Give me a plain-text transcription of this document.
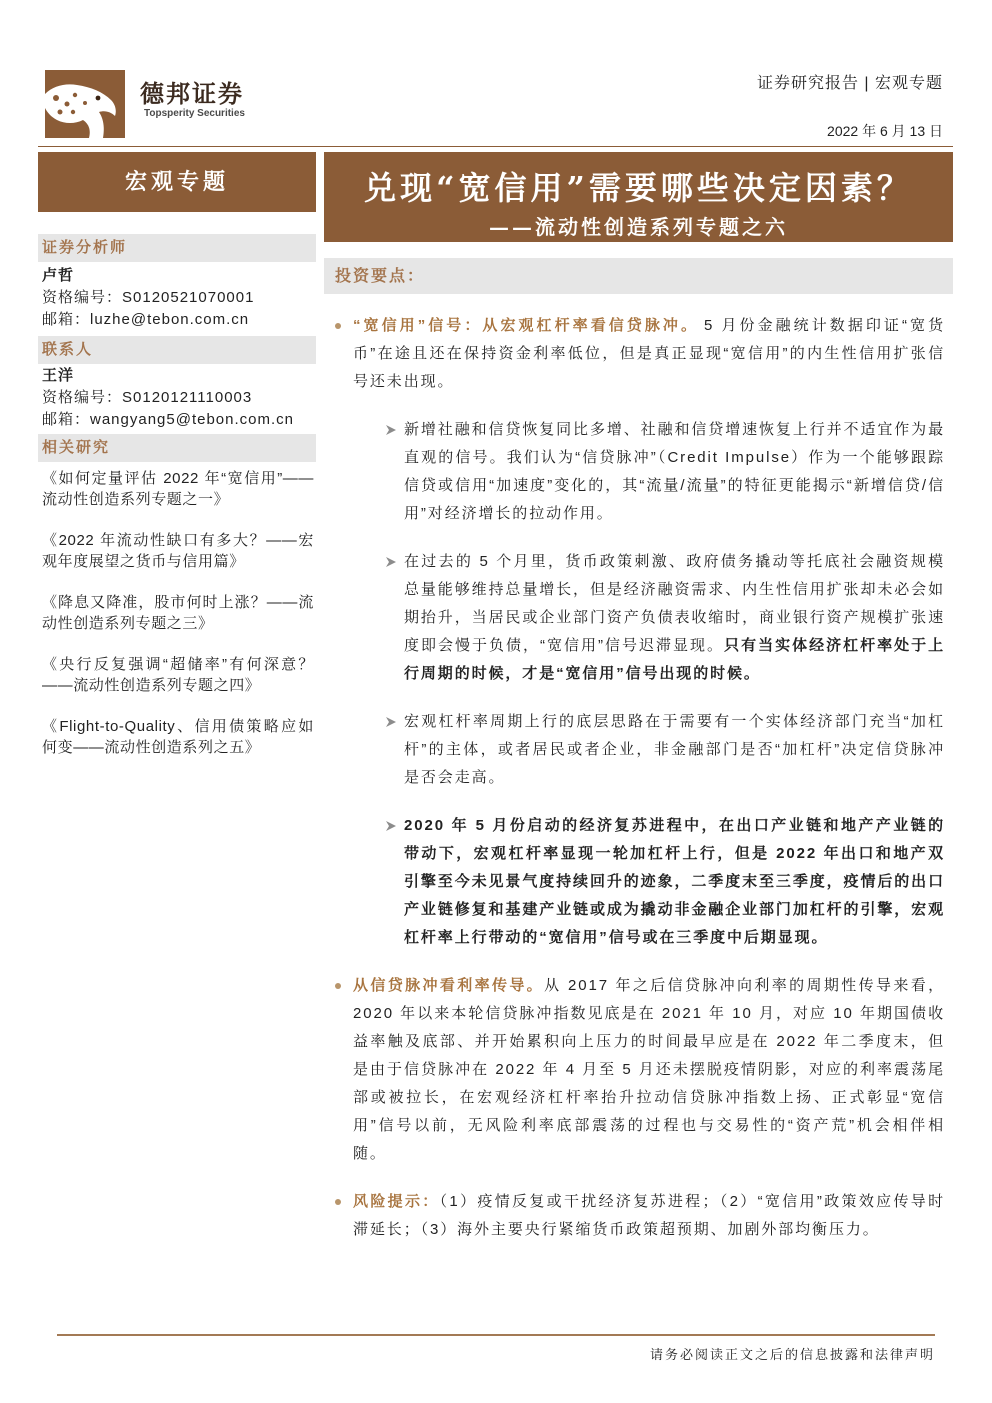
德邦证券
Topsperity Securities
证券研究报告 | 宏观专题
2022 年 6 月 13 日
宏观专题
证券分析师
卢哲
资格编号：S0120521070001
邮箱：luzhe@tebon.com.cn
联系人
王洋
资格编号：S0120121110003
邮箱：wangyang5@tebon.com.cn
相关研究

《如何定量评估 2022 年“宽信用”——流动性创造系列专题之一》

《2022 年流动性缺口有多大？——宏观年度展望之货币与信用篇》

《降息又降准，股市何时上涨？——流动性创造系列专题之三》

《央行反复强调“超储率”有何深意？——流动性创造系列专题之四》

《Flight-to-Quality、信用债策略应如何变——流动性创造系列之五》

兑现“宽信用”需要哪些决定因素？
——流动性创造系列专题之六
投资要点：

“宽信用”信号：从宏观杠杆率看信贷脉冲。 5 月份金融统计数据印证“宽货币”在途且还在保持资金利率低位，但是真正显现“宽信用”的内生性信用扩张信号还未出现。

新增社融和信贷恢复同比多增、社融和信贷增速恢复上行并不适宜作为最直观的信号。我们认为“信贷脉冲”（Credit Impulse）作为一个能够跟踪信贷或信用“加速度”变化的，其“流量/流量”的特征更能揭示“新增信贷/信用”对经济增长的拉动作用。

在过去的 5 个月里，货币政策刺激、政府债务撬动等托底社会融资规模总量能够维持总量增长，但是经济融资需求、内生性信用扩张却未必会如期抬升，当居民或企业部门资产负债表收缩时，商业银行资产规模扩张速度即会慢于负债，“宽信用”信号迟滞显现。只有当实体经济杠杆率处于上行周期的时候，才是“宽信用”信号出现的时候。

宏观杠杆率周期上行的底层思路在于需要有一个实体经济部门充当“加杠杆”的主体，或者居民或者企业，非金融部门是否“加杠杆”决定信贷脉冲是否会走高。

2020 年 5 月份启动的经济复苏进程中，在出口产业链和地产产业链的带动下，宏观杠杆率显现一轮加杠杆上行，但是 2022 年出口和地产双引擎至今未见景气度持续回升的迹象，二季度末至三季度，疫情后的出口产业链修复和基建产业链或成为撬动非金融企业部门加杠杆的引擎，宏观杠杆率上行带动的“宽信用”信号或在三季度中后期显现。

从信贷脉冲看利率传导。从 2017 年之后信贷脉冲向利率的周期性传导来看，2020 年以来本轮信贷脉冲指数见底是在 2021 年 10 月，对应 10 年期国债收益率触及底部、并开始累积向上压力的时间最早应是在 2022 年二季度末，但是由于信贷脉冲在 2022 年 4 月至 5 月还未摆脱疫情阴影，对应的利率震荡尾部或被拉长，在宏观经济杠杆率抬升拉动信贷脉冲指数上扬、正式彰显“宽信用”信号以前，无风险利率底部震荡的过程也与交易性的“资产荒”机会相伴相随。

风险提示：（1）疫情反复或干扰经济复苏进程；（2）“宽信用”政策效应传导时滞延长；（3）海外主要央行紧缩货币政策超预期、加剧外部均衡压力。

请务必阅读正文之后的信息披露和法律声明
